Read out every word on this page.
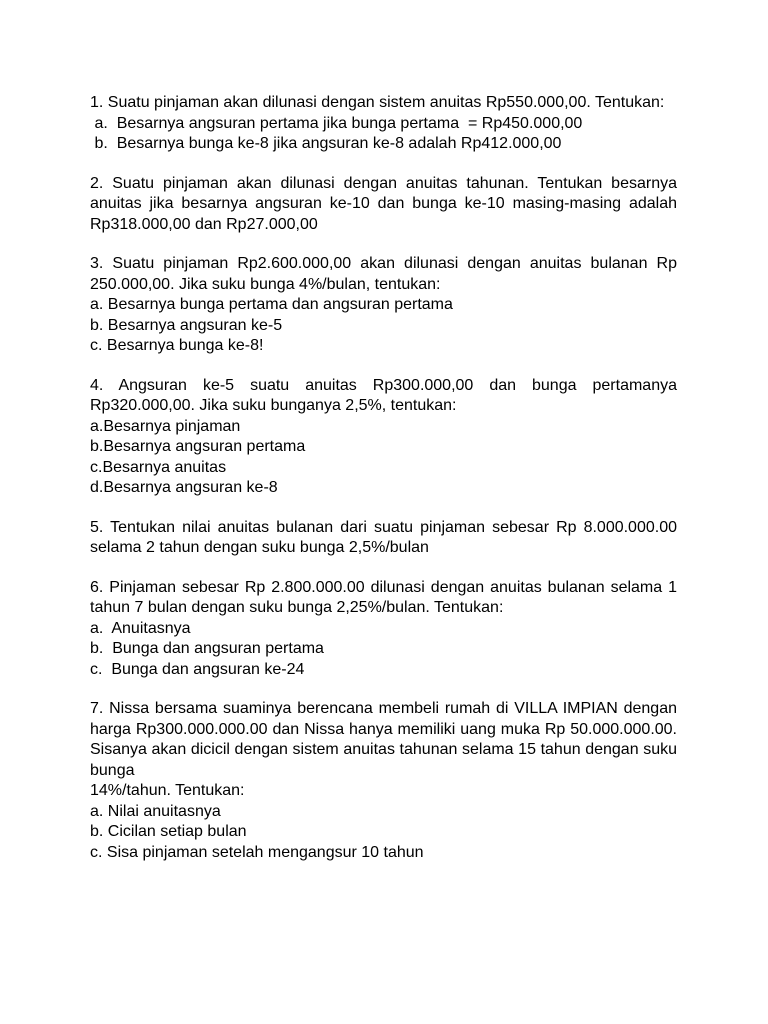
1. Suatu pinjaman akan dilunasi dengan sistem anuitas Rp550.000,00. Tentukan:

a.  Besarnya angsuran pertama jika bunga pertama  = Rp450.000,00

b.  Besarnya bunga ke-8 jika angsuran ke-8 adalah Rp412.000,00

2. Suatu pinjaman akan dilunasi dengan anuitas tahunan. Tentukan besarnya anuitas jika besarnya angsuran ke-10 dan bunga ke-10 masing-masing adalah Rp318.000,00 dan Rp27.000,00

3. Suatu pinjaman Rp2.600.000,00 akan dilunasi dengan anuitas bulanan Rp 250.000,00. Jika suku bunga 4%/bulan, tentukan:

a. Besarnya bunga pertama dan angsuran pertama

b. Besarnya angsuran ke-5

c. Besarnya bunga ke-8!

4. Angsuran ke-5 suatu anuitas Rp300.000,00 dan bunga pertamanya Rp320.000,00. Jika suku bunganya 2,5%, tentukan:

a.Besarnya pinjaman

b.Besarnya angsuran pertama

c.Besarnya anuitas

d.Besarnya angsuran ke-8

5. Tentukan nilai anuitas bulanan dari suatu pinjaman sebesar Rp 8.000.000.00 selama 2 tahun dengan suku bunga 2,5%/bulan

6. Pinjaman sebesar Rp 2.800.000.00 dilunasi dengan anuitas bulanan selama 1 tahun 7 bulan dengan suku bunga 2,25%/bulan. Tentukan:

a.  Anuitasnya

b.  Bunga dan angsuran pertama

c.  Bunga dan angsuran ke-24

7. Nissa bersama suaminya berencana membeli rumah di VILLA IMPIAN dengan harga Rp300.000.000.00 dan Nissa hanya memiliki uang muka Rp 50.000.000.00. Sisanya akan dicicil dengan sistem anuitas tahunan selama 15 tahun dengan suku bunga

14%/tahun. Tentukan:

a. Nilai anuitasnya

b. Cicilan setiap bulan

c. Sisa pinjaman setelah mengangsur 10 tahun
